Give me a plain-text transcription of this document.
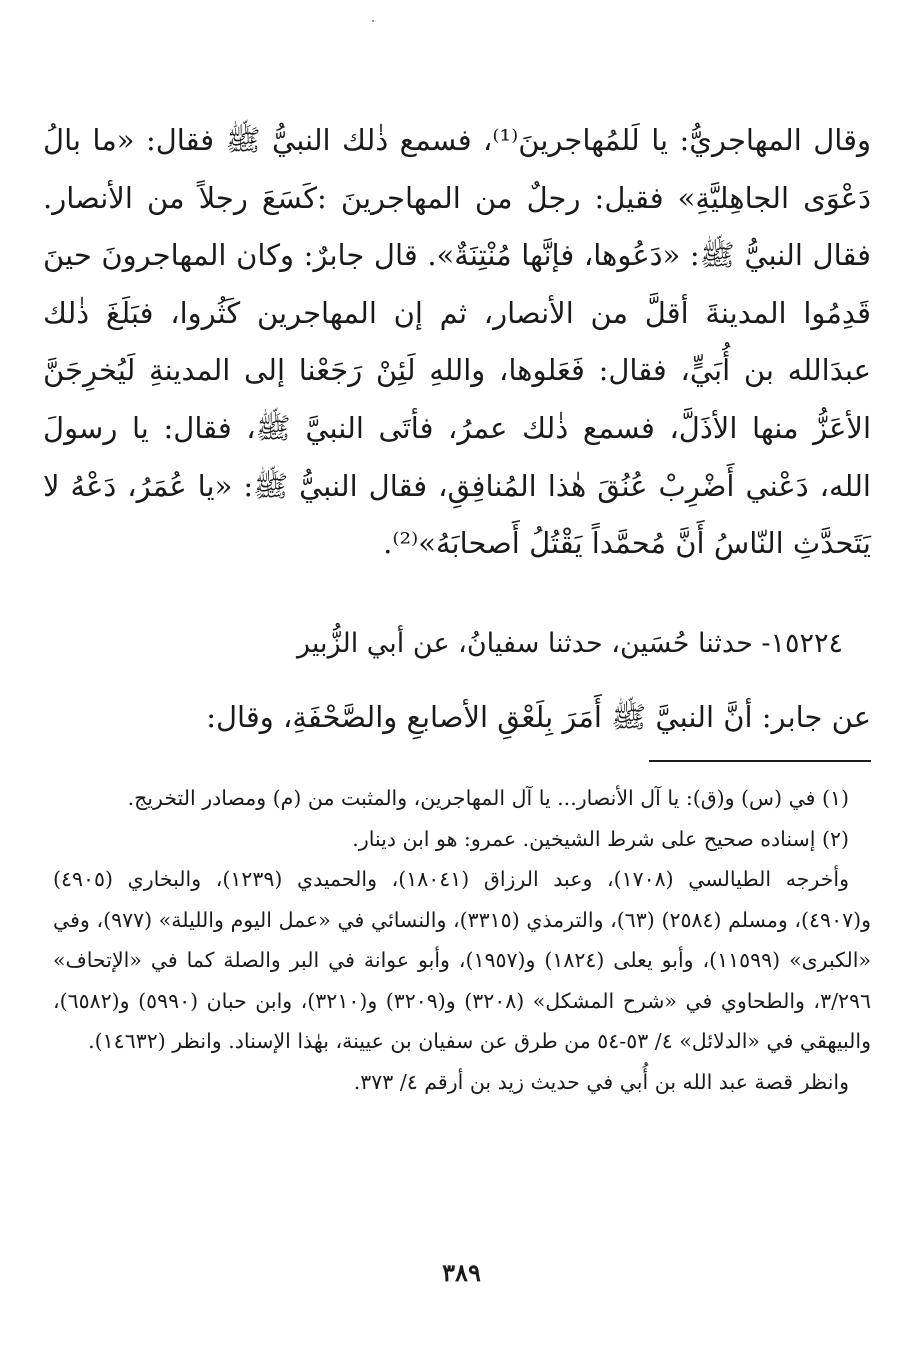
وقال المهاجريُّ: يا لَلمُهاجرينَ⁽¹⁾، فسمع ذٰلك النبيُّ ﷺ فقال: «ما بالُ دَعْوَى الجاهِليَّةِ» فقيل: رجلٌ من المهاجرينَ :كَسَعَ رجلاً من الأنصار. فقال النبيُّ ﷺ: «دَعُوها، فإنَّها مُنْتِنَةٌ». قال جابرٌ: وكان المهاجرونَ حينَ قَدِمُوا المدينةَ أقلَّ من الأنصار، ثم إن المهاجرين كَثُروا، فبَلَغَ ذٰلك عبدَالله بن أُبَيٍّ، فقال: فَعَلوها، واللهِ لَئِنْ رَجَعْنا إلى المدينةِ لَيُخرِجَنَّ الأعَزُّ منها الأذَلَّ، فسمع ذٰلك عمرُ، فأتَى النبيَّ ﷺ، فقال: يا رسولَ الله، دَعْني أَضْرِبْ عُنُقَ هٰذا المُنافِقِ، فقال النبيُّ ﷺ: «يا عُمَرُ، دَعْهُ لا يَتَحدَّثِ النّاسُ أَنَّ مُحمَّداً يَقْتُلُ أَصحابَهُ»⁽²⁾.

١٥٢٢٤- حدثنا حُسَين، حدثنا سفيانُ، عن أبي الزُّبير
عن جابر: أنَّ النبيَّ ﷺ أَمَرَ بِلَعْقِ الأصابعِ والصَّحْفَةِ، وقال:

(١) في (س) و(ق): يا آل الأنصار... يا آل المهاجرين، والمثبت من (م) ومصادر التخريج.

(٢) إسناده صحيح على شرط الشيخين. عمرو: هو ابن دينار.

وأخرجه الطيالسي (١٧٠٨)، وعبد الرزاق (١٨٠٤١)، والحميدي (١٢٣٩)، والبخاري (٤٩٠٥) و(٤٩٠٧)، ومسلم (٢٥٨٤) (٦٣)، والترمذي (٣٣١٥)، والنسائي في «عمل اليوم والليلة» (٩٧٧)، وفي «الكبرى» (١١٥٩٩)، وأبو يعلى (١٨٢٤) و(١٩٥٧)، وأبو عوانة في البر والصلة كما في «الإتحاف» ٣/٢٩٦، والطحاوي في «شرح المشكل» (٣٢٠٨) و(٣٢٠٩) و(٣٢١٠)، وابن حبان (٥٩٩٠) و(٦٥٨٢)، والبيهقي في «الدلائل» ٤/ ٥٣-٥٤ من طرق عن سفيان بن عيينة، بهٰذا الإسناد. وانظر (١٤٦٣٢).

وانظر قصة عبد الله بن أُبي في حديث زيد بن أرقم ٤/ ٣٧٣.

٣٨٩
